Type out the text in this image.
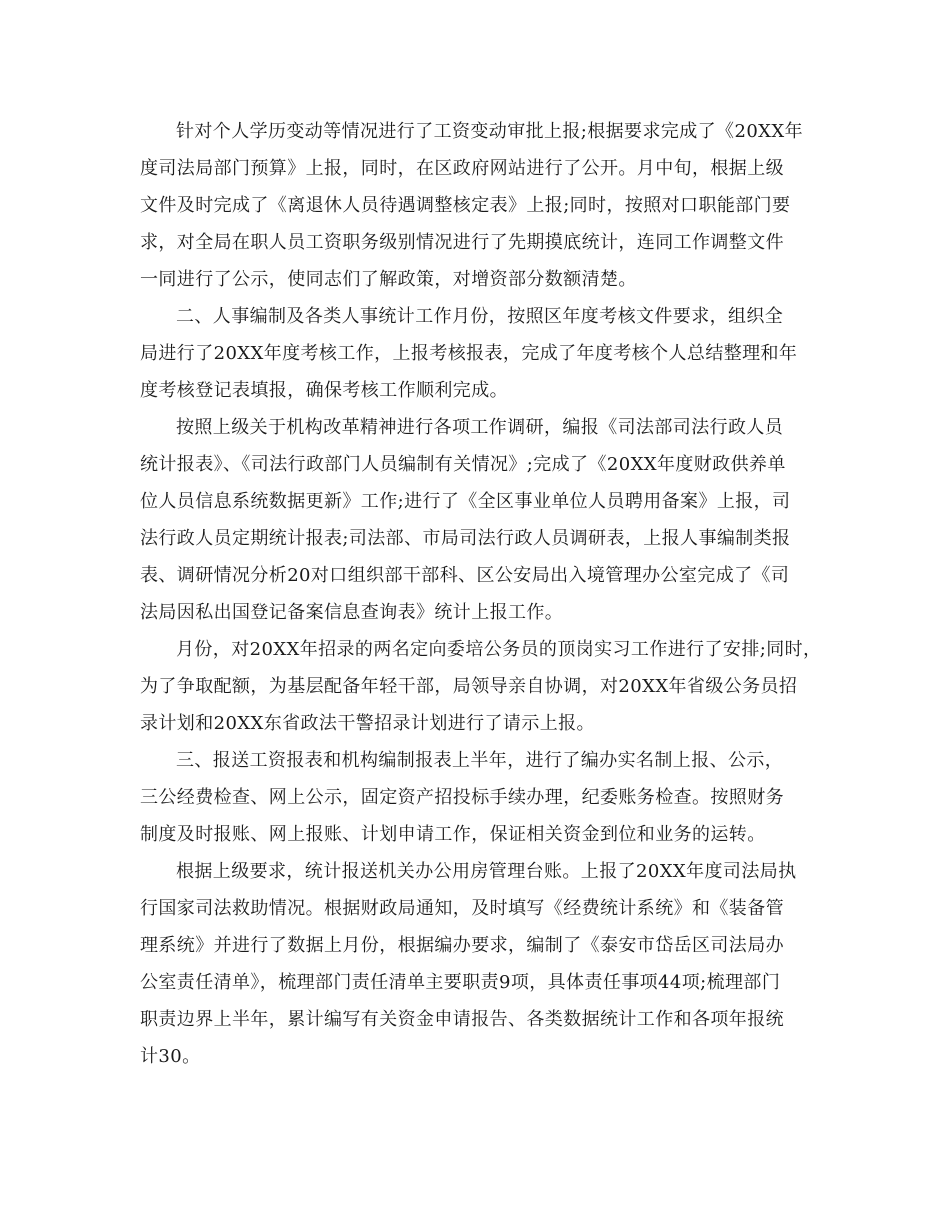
针对个人学历变动等情况进行了工资变动审批上报;根据要求完成了《20XX年
度司法局部门预算》上报，同时，在区政府网站进行了公开。月中旬，根据上级
文件及时完成了《离退休人员待遇调整核定表》上报;同时，按照对口职能部门要
求，对全局在职人员工资职务级别情况进行了先期摸底统计，连同工作调整文件
一同进行了公示，使同志们了解政策，对增资部分数额清楚。
二、人事编制及各类人事统计工作月份，按照区年度考核文件要求，组织全
局进行了20XX年度考核工作，上报考核报表，完成了年度考核个人总结整理和年
度考核登记表填报，确保考核工作顺利完成。
按照上级关于机构改革精神进行各项工作调研，编报《司法部司法行政人员
统计报表》、《司法行政部门人员编制有关情况》;完成了《20XX年度财政供养单
位人员信息系统数据更新》工作;进行了《全区事业单位人员聘用备案》上报，司
法行政人员定期统计报表;司法部、市局司法行政人员调研表，上报人事编制类报
表、调研情况分析20对口组织部干部科、区公安局出入境管理办公室完成了《司
法局因私出国登记备案信息查询表》统计上报工作。
月份，对20XX年招录的两名定向委培公务员的顶岗实习工作进行了安排;同时，
为了争取配额，为基层配备年轻干部，局领导亲自协调，对20XX年省级公务员招
录计划和20XX东省政法干警招录计划进行了请示上报。
三、报送工资报表和机构编制报表上半年，进行了编办实名制上报、公示，
三公经费检查、网上公示，固定资产招投标手续办理，纪委账务检查。按照财务
制度及时报账、网上报账、计划申请工作，保证相关资金到位和业务的运转。
根据上级要求，统计报送机关办公用房管理台账。上报了20XX年度司法局执
行国家司法救助情况。根据财政局通知，及时填写《经费统计系统》和《装备管
理系统》并进行了数据上月份，根据编办要求，编制了《泰安市岱岳区司法局办
公室责任清单》，梳理部门责任清单主要职责9项，具体责任事项44项;梳理部门
职责边界上半年，累计编写有关资金申请报告、各类数据统计工作和各项年报统
计30。
